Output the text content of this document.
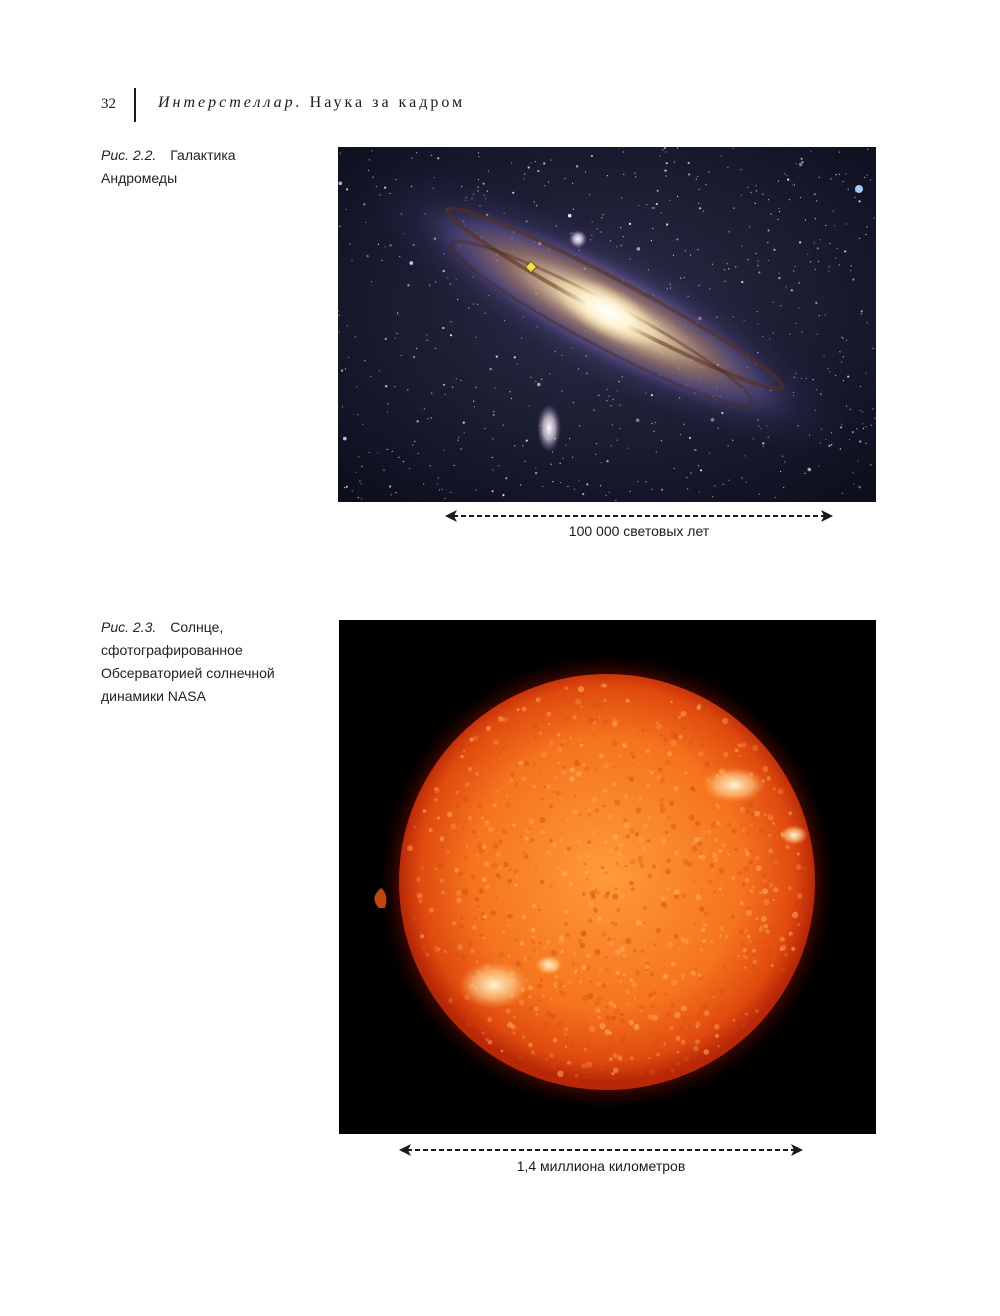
32	Интерстеллар. Наука за кадром
Рис. 2.2. Галактика Андромеды
100 000 световых лет
Рис. 2.3. Солнце, сфотографированное Обсерваторией солнечной динамики NASA
1,4 миллиона километров
